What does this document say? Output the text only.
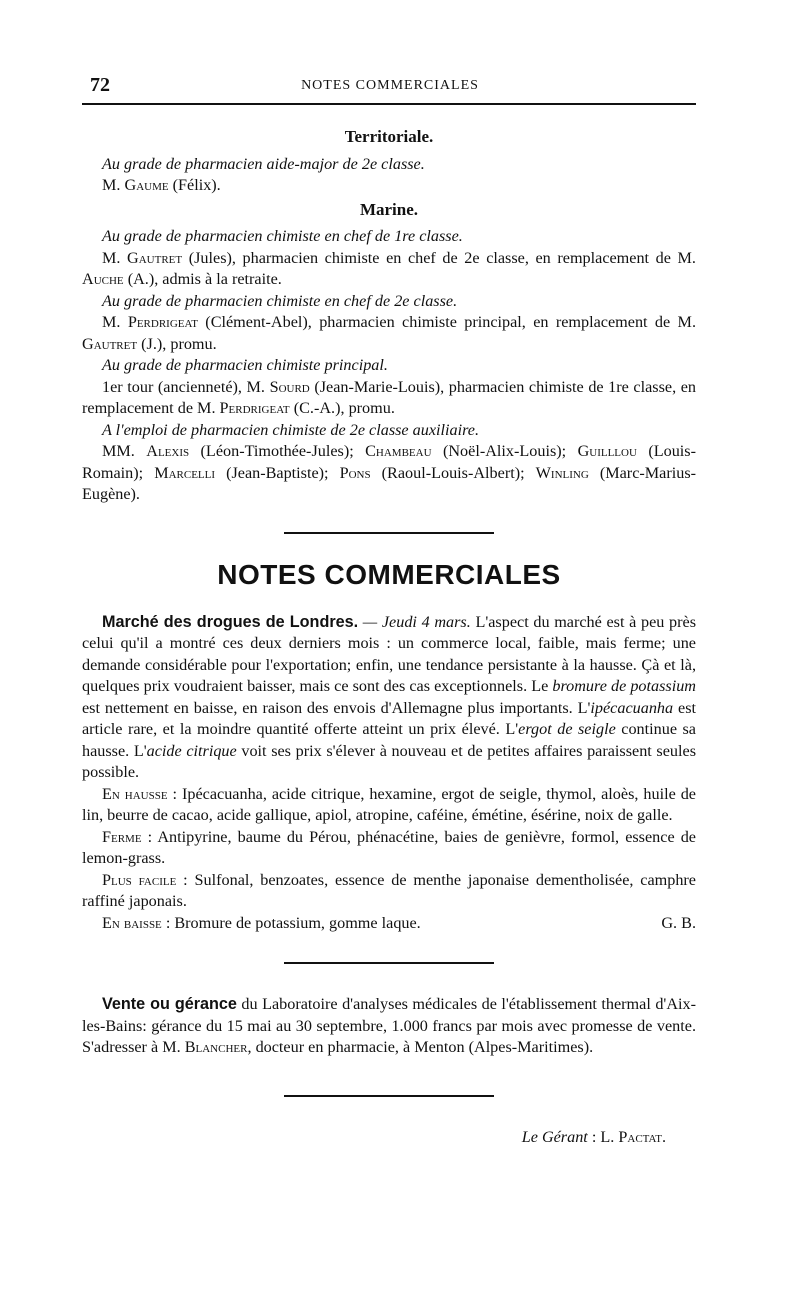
72	NOTES COMMERCIALES

Territoriale.

Au grade de pharmacien aide-major de 2e classe.

M. Gaume (Félix).

Marine.

Au grade de pharmacien chimiste en chef de 1re classe.

M. Gautret (Jules), pharmacien chimiste en chef de 2e classe, en remplacement de M. Auche (A.), admis à la retraite.

Au grade de pharmacien chimiste en chef de 2e classe.

M. Perdrigeat (Clément-Abel), pharmacien chimiste principal, en remplacement de M. Gautret (J.), promu.

Au grade de pharmacien chimiste principal.

1er tour (ancienneté), M. Sourd (Jean-Marie-Louis), pharmacien chimiste de 1re classe, en remplacement de M. Perdrigeat (C.-A.), promu.

A l'emploi de pharmacien chimiste de 2e classe auxiliaire.

MM. Alexis (Léon-Timothée-Jules); Chambeau (Noël-Alix-Louis); Guilllou (Louis-Romain); Marcelli (Jean-Baptiste); Pons (Raoul-Louis-Albert); Winling (Marc-Marius-Eugène).

NOTES COMMERCIALES

Marché des drogues de Londres. — Jeudi 4 mars. L'aspect du marché est à peu près celui qu'il a montré ces deux derniers mois : un commerce local, faible, mais ferme; une demande considérable pour l'exportation; enfin, une tendance persistante à la hausse. Çà et là, quelques prix voudraient baisser, mais ce sont des cas exceptionnels. Le bromure de potassium est nettement en baisse, en raison des envois d'Allemagne plus importants. L'ipécacuanha est article rare, et la moindre quantité offerte atteint un prix élevé. L'ergot de seigle continue sa hausse. L'acide citrique voit ses prix s'élever à nouveau et de petites affaires paraissent seules possible.

En hausse : Ipécacuanha, acide citrique, hexamine, ergot de seigle, thymol, aloès, huile de lin, beurre de cacao, acide gallique, apiol, atropine, caféine, émétine, ésérine, noix de galle.

Ferme : Antipyrine, baume du Pérou, phénacétine, baies de genièvre, formol, essence de lemon-grass.

Plus facile : Sulfonal, benzoates, essence de menthe japonaise dementholisée, camphre raffiné japonais.

En baisse : Bromure de potassium, gomme laque.	G. B.

Vente ou gérance du Laboratoire d'analyses médicales de l'établissement thermal d'Aix-les-Bains: gérance du 15 mai au 30 septembre, 1.000 francs par mois avec promesse de vente. S'adresser à M. Blancher, docteur en pharmacie, à Menton (Alpes-Maritimes).

Le Gérant : L. Pactat.
